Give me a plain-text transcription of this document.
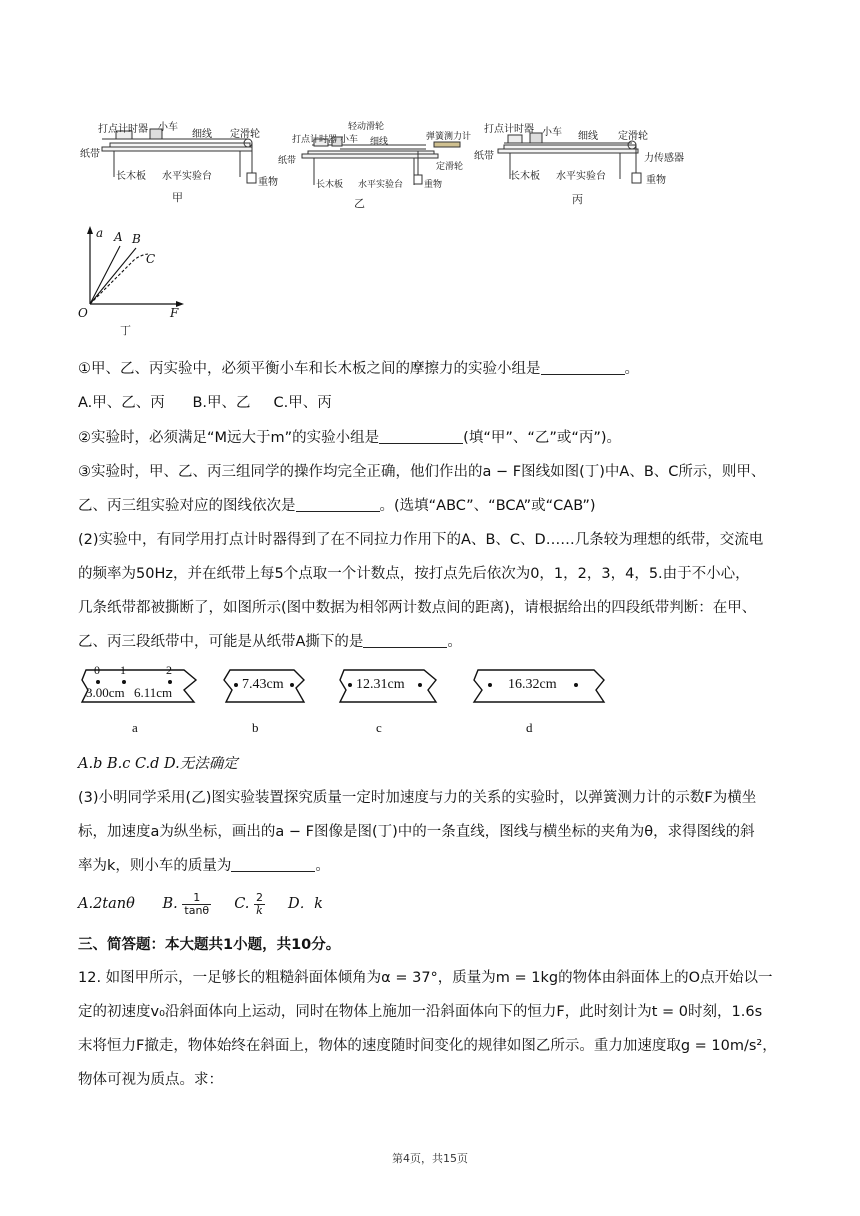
打点计时器 小车
细线 定滑轮
纸带
长木板 水平实验台
重物
甲
轻动滑轮
打点计时器 小车 细线	弹簧测力计
纸带
定滑轮
长木板 水平实验台 重物
乙
打点计时器 小车 细线 定滑轮
纸带	力传感器
长木板 水平实验台	重物
丙
a
F
O
A B
C
丁
①甲、乙、丙实验中，必须平衡小车和长木板之间的摩擦力的实验小组是	。
A.甲、乙、丙 B.甲、乙 C.甲、丙
②实验时，必须满足“M远大于m”的实验小组是	(填“甲”、“乙”或“丙”)。
③实验时，甲、乙、丙三组同学的操作均完全正确，他们作出的a − F图线如图(丁)中A、B、C所示，则甲、
乙、丙三组实验对应的图线依次是	。(选填“ABC”、“BCA”或“CAB”)
(2)实验中，有同学用打点计时器得到了在不同拉力作用下的A、B、C、D……几条较为理想的纸带，交流电
的频率为50Hz，并在纸带上每5个点取一个计数点，按打点先后依次为0，1，2，3，4，5.由于不小心，
几条纸带都被撕断了，如图所示(图中数据为相邻两计数点间的距离)，请根据给出的四段纸带判断：在甲、
乙、丙三段纸带中，可能是从纸带A撕下的是	。
0 1	2
3.00cm 6.11cm
a
7.43cm
b
12.31cm
c
16.32cm
d
A.b B.c C.d D.无法确定
(3)小明同学采用(乙)图实验装置探究质量一定时加速度与力的关系的实验时，以弹簧测力计的示数F为横坐
标，加速度a为纵坐标，画出的a − F图像是图(丁)中的一条直线，图线与横坐标的夹角为θ，求得图线的斜
率为k，则小车的质量为	。
A.2tanθ B. $\frac{1}{\tan\theta} C$. $\frac{2}{k}$ D．k
三、简答题：本大题共1小题，共10分。
12. 如图甲所示，一足够长的粗糙斜面体倾角为α = 37°，质量为m = 1kg的物体由斜面体上的O点开始以一
定的初速度v₀沿斜面体向上运动，同时在物体上施加一沿斜面体向下的恒力F，此时刻计为t = 0时刻，1.6s
末将恒力F撤走，物体始终在斜面上，物体的速度随时间变化的规律如图乙所示。重力加速度取g = 10m/s²，
物体可视为质点。求：
第4页，共15页
